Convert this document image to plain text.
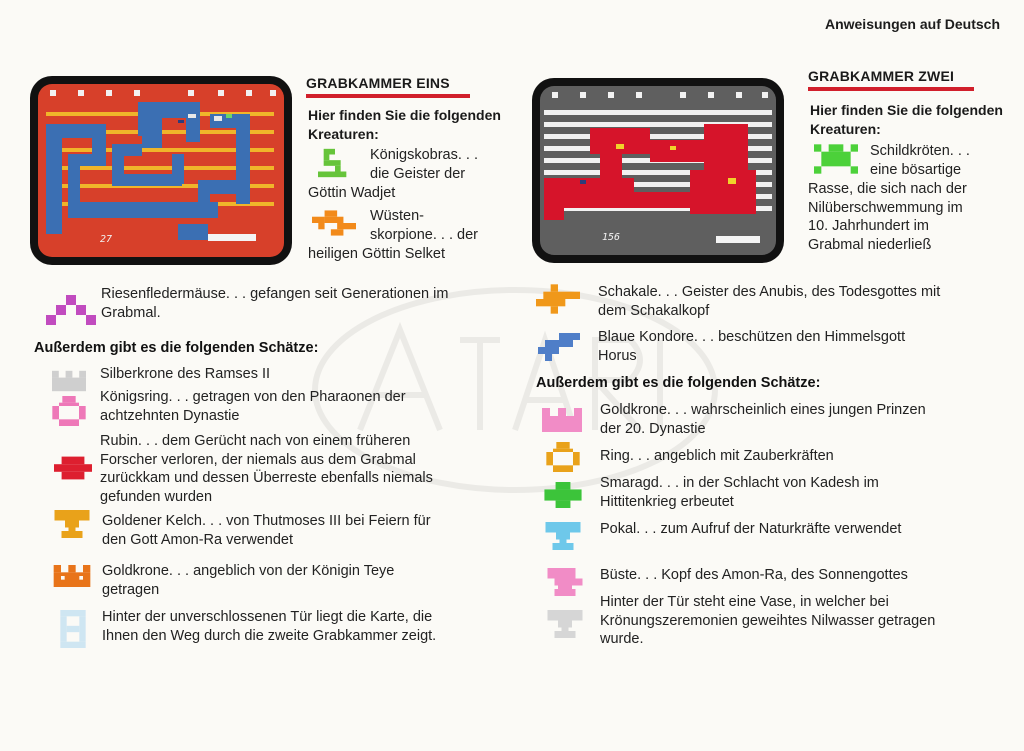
Anweisungen auf Deutsch
27	156
GRABKAMMER EINS
Hier finden Sie die folgenden Kreaturen:
Königskobras. . .
die Geister der
Göttin Wadjet
Wüsten-
skorpione. . . der
heiligen Göttin Selket
Riesenfledermäuse. . . gefangen seit Generationen im
Grabmal.
Außerdem gibt es die folgenden Schätze:
Silberkrone des Ramses II
Königsring. . . getragen von den Pharaonen der
achtzehnten Dynastie
Rubin. . . dem Gerücht nach von einem früheren
Forscher verloren, der niemals aus dem Grabmal
zurückkam und dessen Überreste ebenfalls niemals
gefunden wurden
Goldener Kelch. . . von Thutmoses III bei Feiern für
den Gott Amon-Ra verwendet
Goldkrone. . . angeblich von der Königin Teye
getragen
Hinter der unverschlossenen Tür liegt die Karte, die
Ihnen den Weg durch die zweite Grabkammer zeigt.
GRABKAMMER ZWEI
Hier finden Sie die folgenden Kreaturen:
Schildkröten. . .
eine bösartige
Rasse, die sich nach der
Nilüberschwemmung im
10. Jahrhundert im
Grabmal niederließ
Schakale. . . Geister des Anubis, des Todesgottes mit
dem Schakalkopf
Blaue Kondore. . . beschützen den Himmelsgott
Horus
Außerdem gibt es die folgenden Schätze:
Goldkrone. . . wahrscheinlich eines jungen Prinzen
der 20. Dynastie
Ring. . . angeblich mit Zauberkräften
Smaragd. . . in der Schlacht von Kadesh im
Hittitenkrieg erbeutet
Pokal. . . zum Aufruf der Naturkräfte verwendet
Büste. . . Kopf des Amon-Ra, des Sonnengottes
Hinter der Tür steht eine Vase, in welcher bei
Krönungszeremonien geweihtes Nilwasser getragen
wurde.
